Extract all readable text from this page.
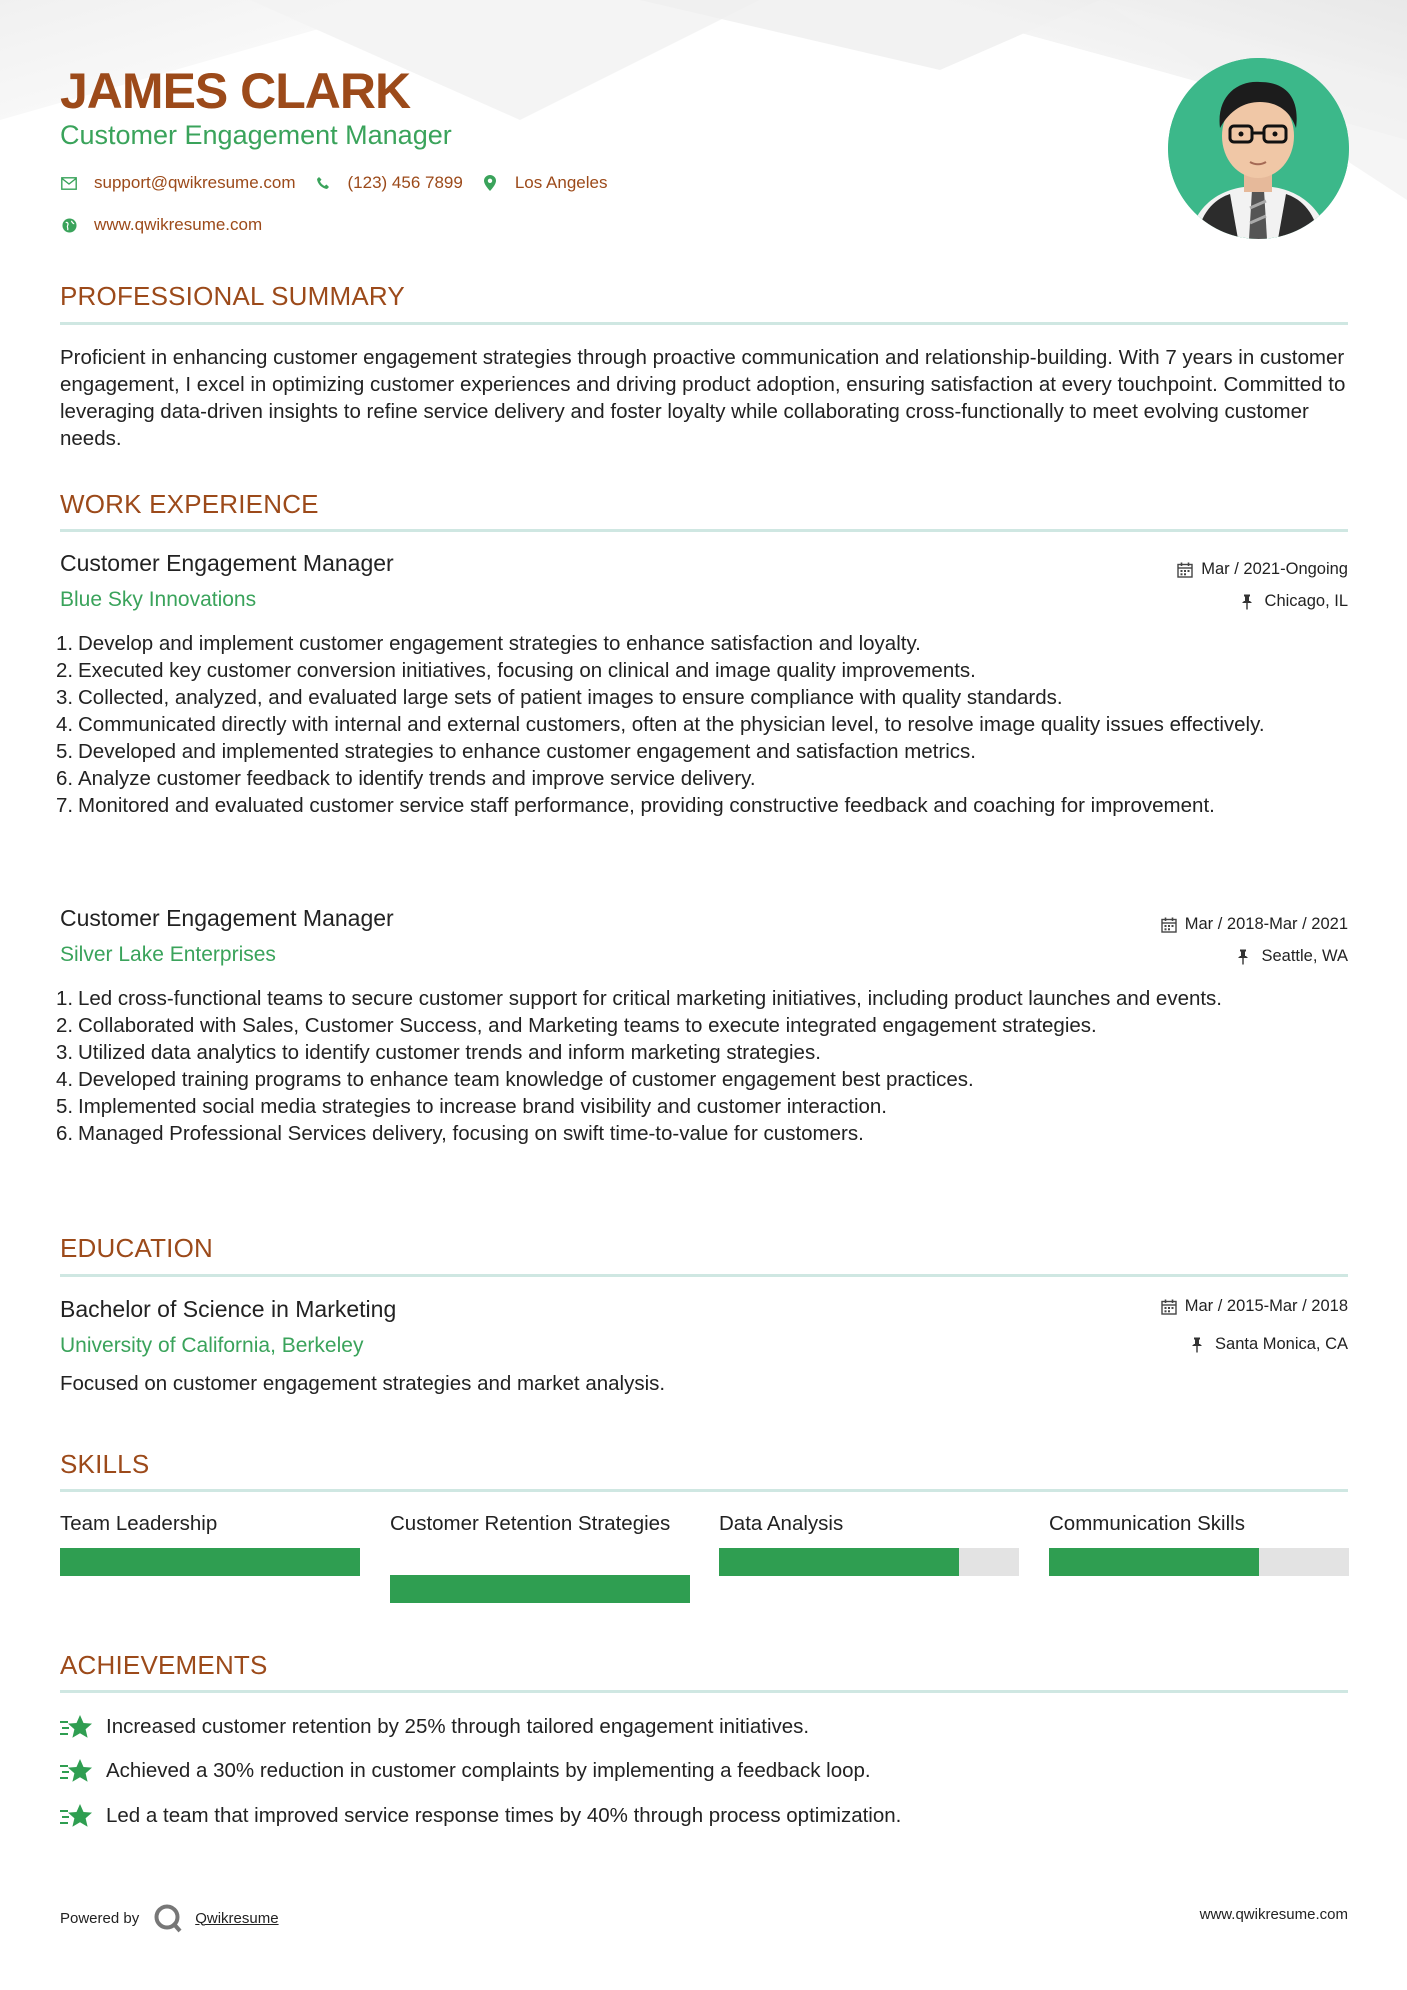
JAMES CLARK
Customer Engagement Manager
support@qwikresume.com	(123) 456 7899	Los Angeles
www.qwikresume.com
PROFESSIONAL SUMMARY
Proficient in enhancing customer engagement strategies through proactive communication and relationship-building. With 7 years in customer engagement, I excel in optimizing customer experiences and driving product adoption, ensuring satisfaction at every touchpoint. Committed to leveraging data-driven insights to refine service delivery and foster loyalty while collaborating cross-functionally to meet evolving customer needs.
WORK EXPERIENCE
Customer Engagement Manager
Blue Sky Innovations
Mar / 2021-Ongoing
Chicago, IL
Develop and implement customer engagement strategies to enhance satisfaction and loyalty.
Executed key customer conversion initiatives, focusing on clinical and image quality improvements.
Collected, analyzed, and evaluated large sets of patient images to ensure compliance with quality standards.
Communicated directly with internal and external customers, often at the physician level, to resolve image quality issues effectively.
Developed and implemented strategies to enhance customer engagement and satisfaction metrics.
Analyze customer feedback to identify trends and improve service delivery.
Monitored and evaluated customer service staff performance, providing constructive feedback and coaching for improvement.
Customer Engagement Manager
Silver Lake Enterprises
Mar / 2018-Mar / 2021
Seattle, WA
Led cross-functional teams to secure customer support for critical marketing initiatives, including product launches and events.
Collaborated with Sales, Customer Success, and Marketing teams to execute integrated engagement strategies.
Utilized data analytics to identify customer trends and inform marketing strategies.
Developed training programs to enhance team knowledge of customer engagement best practices.
Implemented social media strategies to increase brand visibility and customer interaction.
Managed Professional Services delivery, focusing on swift time-to-value for customers.
EDUCATION
Bachelor of Science in Marketing
University of California, Berkeley
Mar / 2015-Mar / 2018
Santa Monica, CA
Focused on customer engagement strategies and market analysis.
SKILLS
Team Leadership	Customer Retention Strategies	Data Analysis	Communication Skills
ACHIEVEMENTS
Increased customer retention by 25% through tailored engagement initiatives.
Achieved a 30% reduction in customer complaints by implementing a feedback loop.
Led a team that improved service response times by 40% through process optimization.
Powered by	Qwikresume	www.qwikresume.com
